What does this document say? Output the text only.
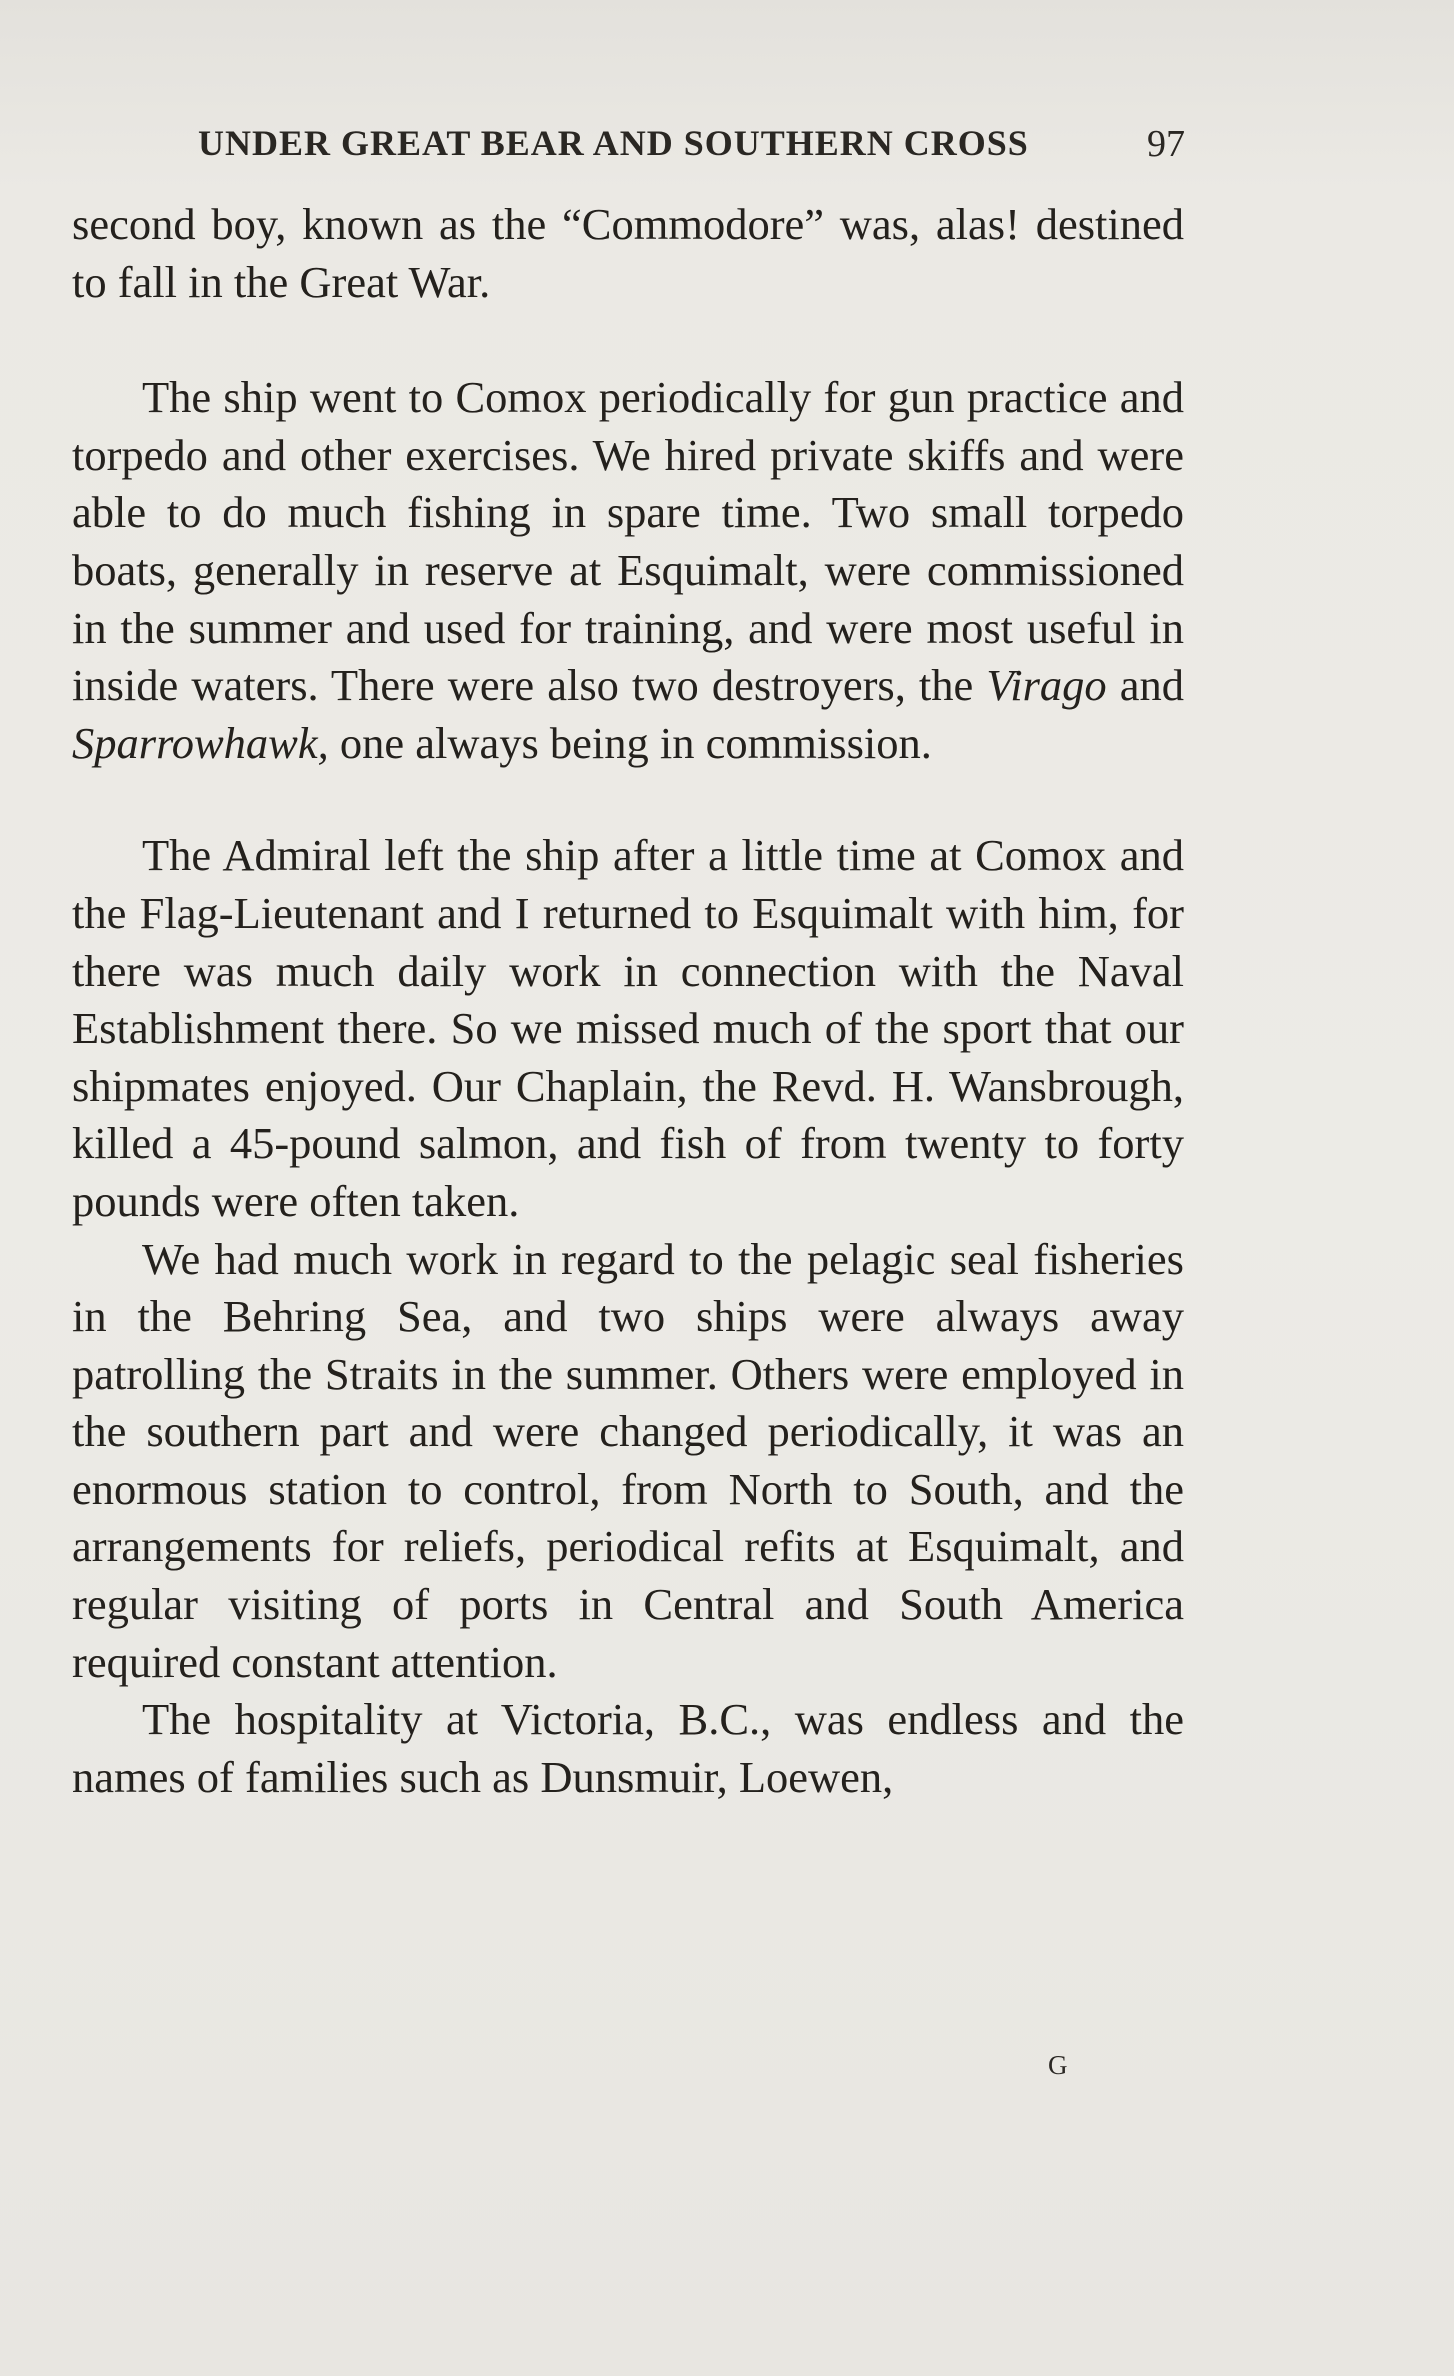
UNDER GREAT BEAR AND SOUTHERN CROSS	97

second boy, known as the “Commodore” was, alas! destined to fall in the Great War.

The ship went to Comox periodically for gun practice and torpedo and other exercises. We hired private skiffs and were able to do much fishing in spare time. Two small torpedo boats, generally in reserve at Esquimalt, were commissioned in the summer and used for training, and were most useful in inside waters. There were also two destroyers, the Virago and Sparrowhawk, one always being in commission.

The Admiral left the ship after a little time at Comox and the Flag-Lieutenant and I returned to Esquimalt with him, for there was much daily work in connection with the Naval Establishment there. So we missed much of the sport that our shipmates enjoyed. Our Chaplain, the Revd. H. Wansbrough, killed a 45-pound salmon, and fish of from twenty to forty pounds were often taken.

We had much work in regard to the pelagic seal fisheries in the Behring Sea, and two ships were always away patrolling the Straits in the summer. Others were employed in the southern part and were changed periodically, it was an enormous station to control, from North to South, and the arrangements for reliefs, periodical refits at Esquimalt, and regular visiting of ports in Central and South America required constant attention.

The hospitality at Victoria, B.C., was endless and the names of families such as Dunsmuir, Loewen,

G
